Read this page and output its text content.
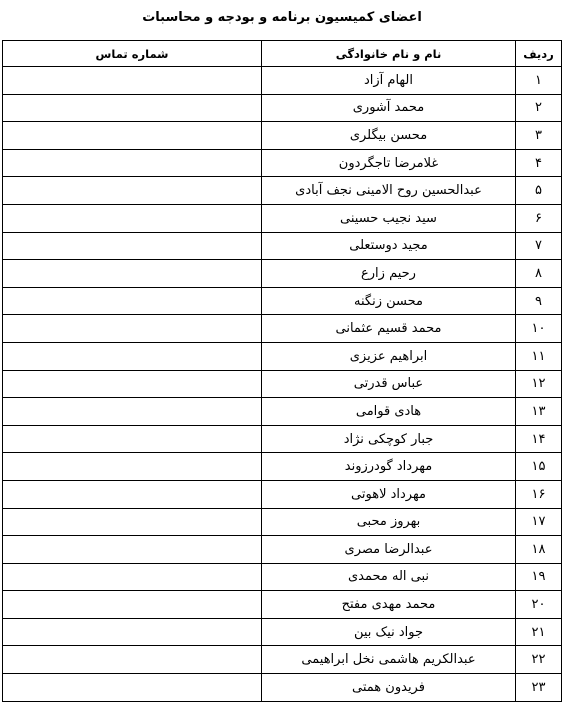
اعضای کمیسیون برنامه و بودجه و محاسبات
ردیف	نام و نام خانوادگی	شماره تماس
۱	الهام آزاد	
۲	محمد آشوری	
۳	محسن بیگلری	
۴	غلامرضا تاجگردون	
۵	عبدالحسین روح الامینی نجف آبادی	
۶	سید نجیب حسینی	
۷	مجید دوستعلی	
۸	رحیم زارع	
۹	محسن زنگنه	
۱۰	محمد قسیم عثمانی	
۱۱	ابراهیم عزیزی	
۱۲	عباس قدرتی	
۱۳	هادی قوامی	
۱۴	جبار کوچکی نژاد	
۱۵	مهرداد گودرزوند	
۱۶	مهرداد لاهوتی	
۱۷	بهروز محبی	
۱۸	عبدالرضا مصری	
۱۹	نبی اله محمدی	
۲۰	محمد مهدی مفتح	
۲۱	جواد نیک بین	
۲۲	عبدالکریم هاشمی نخل ابراهیمی	
۲۳	فریدون همتی	
